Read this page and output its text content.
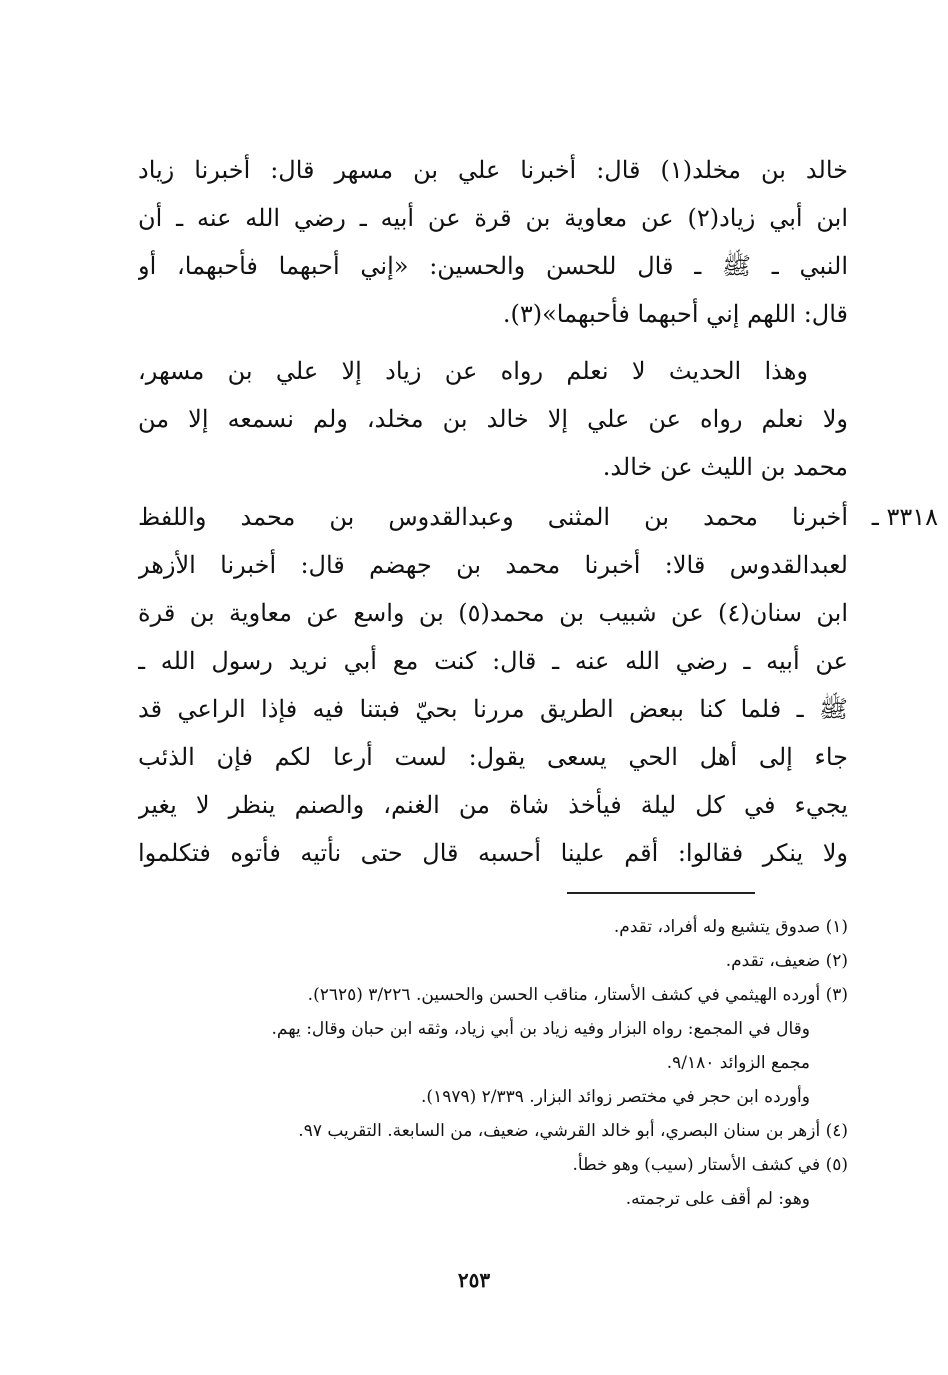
خالد بن مخلد(١) قال: أخبرنا علي بن مسهر قال: أخبرنا زياد
ابن أبي زياد(٢) عن معاوية بن قرة عن أبيه ـ رضي الله عنه ـ أن
النبي ـ ﷺ ـ قال للحسن والحسين: «إني أحبهما فأحبهما، أو
قال: اللهم إني أحبهما فأحبهما»(٣).
وهذا الحديث لا نعلم رواه عن زياد إلا علي بن مسهر،
ولا نعلم رواه عن علي إلا خالد بن مخلد، ولم نسمعه إلا من
محمد بن الليث عن خالد.
٣٣١٨ ـ
أخبرنا محمد بن المثنى وعبدالقدوس بن محمد واللفظ
لعبدالقدوس قالا: أخبرنا محمد بن جهضم قال: أخبرنا الأزهر
ابن سنان(٤) عن شبيب بن محمد(٥) بن واسع عن معاوية بن قرة
عن أبيه ـ رضي الله عنه ـ قال: كنت مع أبي نريد رسول الله ـ
ﷺ ـ فلما كنا ببعض الطريق مررنا بحيّ فبتنا فيه فإذا الراعي قد
جاء إلى أهل الحي يسعى يقول: لست أرعا لكم فإن الذئب
يجيء في كل ليلة فيأخذ شاة من الغنم، والصنم ينظر لا يغير
ولا ينكر فقالوا: أقم علينا أحسبه قال حتى نأتيه فأتوه فتكلموا
(١) صدوق يتشيع وله أفراد، تقدم.
(٢) ضعيف، تقدم.
(٣) أورده الهيثمي في كشف الأستار، مناقب الحسن والحسين. ٣/٢٢٦ (٢٦٢٥).
وقال في المجمع: رواه البزار وفيه زياد بن أبي زياد، وثقه ابن حبان وقال: يهم.
مجمع الزوائد ٩/١٨٠.
وأورده ابن حجر في مختصر زوائد البزار. ٢/٣٣٩ (١٩٧٩).
(٤) أزهر بن سنان البصري، أبو خالد القرشي، ضعيف، من السابعة. التقريب ٩٧.
(٥) في كشف الأستار (سيب) وهو خطأ.
وهو: لم أقف على ترجمته.
٢٥٣
